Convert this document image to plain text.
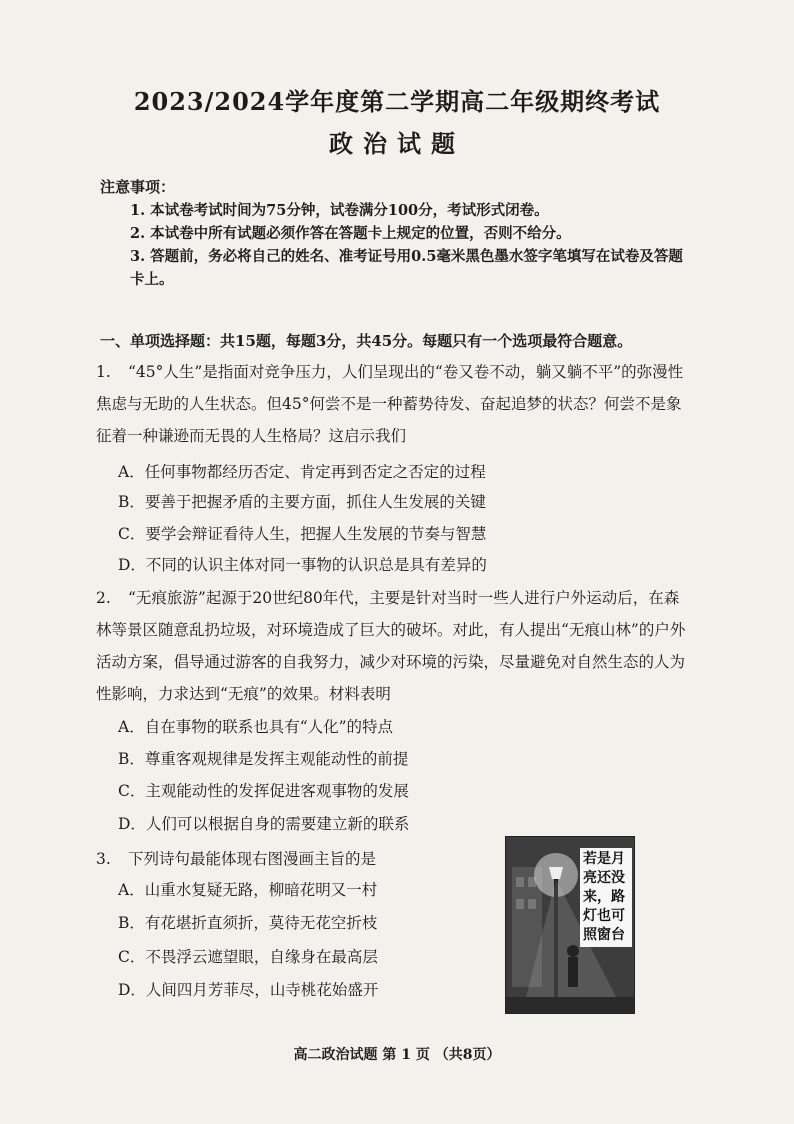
2023/2024学年度第二学期高二年级期终考试
政治试题
注意事项：
1. 本试卷考试时间为75分钟，试卷满分100分，考试形式闭卷。
2. 本试卷中所有试题必须作答在答题卡上规定的位置，否则不给分。
3. 答题前，务必将自己的姓名、准考证号用0.5毫米黑色墨水签字笔填写在试卷及答题卡上。
一、单项选择题：共15题，每题3分，共45分。每题只有一个选项最符合题意。
1. “45°人生”是指面对竞争压力，人们呈现出的“卷又卷不动，躺又躺不平”的弥漫性焦虑与无助的人生状态。但45°何尝不是一种蓄势待发、奋起追梦的状态？何尝不是象征着一种谦逊而无畏的人生格局？这启示我们
A．任何事物都经历否定、肯定再到否定之否定的过程
B．要善于把握矛盾的主要方面，抓住人生发展的关键
C．要学会辩证看待人生，把握人生发展的节奏与智慧
D．不同的认识主体对同一事物的认识总是具有差异的
2. “无痕旅游”起源于20世纪80年代，主要是针对当时一些人进行户外运动后，在森林等景区随意乱扔垃圾，对环境造成了巨大的破坏。对此，有人提出“无痕山林”的户外活动方案，倡导通过游客的自我努力，减少对环境的污染，尽量避免对自然生态的人为性影响，力求达到“无痕”的效果。材料表明
A．自在事物的联系也具有“人化”的特点
B．尊重客观规律是发挥主观能动性的前提
C．主观能动性的发挥促进客观事物的发展
D．人们可以根据自身的需要建立新的联系
3. 下列诗句最能体现右图漫画主旨的是
A．山重水复疑无路，柳暗花明又一村
B．有花堪折直须折，莫待无花空折枝
C．不畏浮云遮望眼，自缘身在最高层
D．人间四月芳菲尽，山寺桃花始盛开
若是月亮还没来，路灯也可照窗台
高二政治试题 第 1 页 （共8页）
